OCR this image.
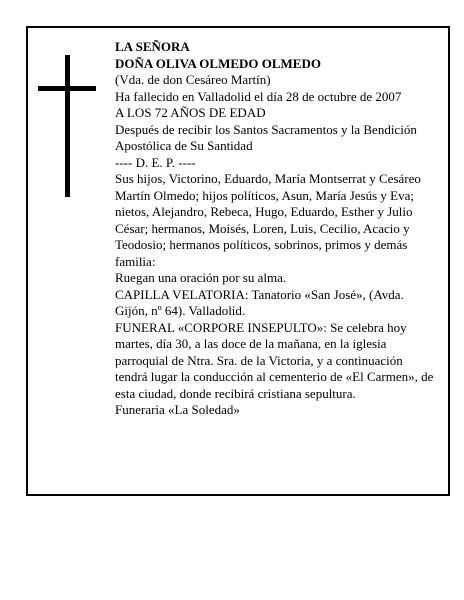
LA SEÑORA

DOÑA OLIVA OLMEDO OLMEDO

(Vda. de don Cesáreo Martín)

Ha fallecido en Valladolid el día 28 de octubre de 2007

A LOS 72 AÑOS DE EDAD

Después de recibir los Santos Sacramentos y la Bendición Apostólica de Su Santidad

---- D. E. P. ----

Sus hijos, Victorino, Eduardo, María Montserrat y Cesáreo Martín Olmedo; hijos políticos, Asun, María Jesús y Eva; nietos, Alejandro, Rebeca, Hugo, Eduardo, Esther y Julio César; hermanos, Moisés, Loren, Luis, Cecilio, Acacio y Teodosio; hermanos políticos, sobrinos, primos y demás familia:

Ruegan una oración por su alma.

CAPILLA VELATORIA: Tanatorio «San José», (Avda. Gijón, nº 64). Valladolid.

FUNERAL «CORPORE INSEPULTO»: Se celebra hoy martes, día 30, a las doce de la mañana, en la iglesia parroquial de Ntra. Sra. de la Victoria, y a continuación tendrá lugar la conducción al cementerio de «El Carmen», de esta ciudad, donde recibirá cristiana sepultura.

Funeraria «La Soledad»
